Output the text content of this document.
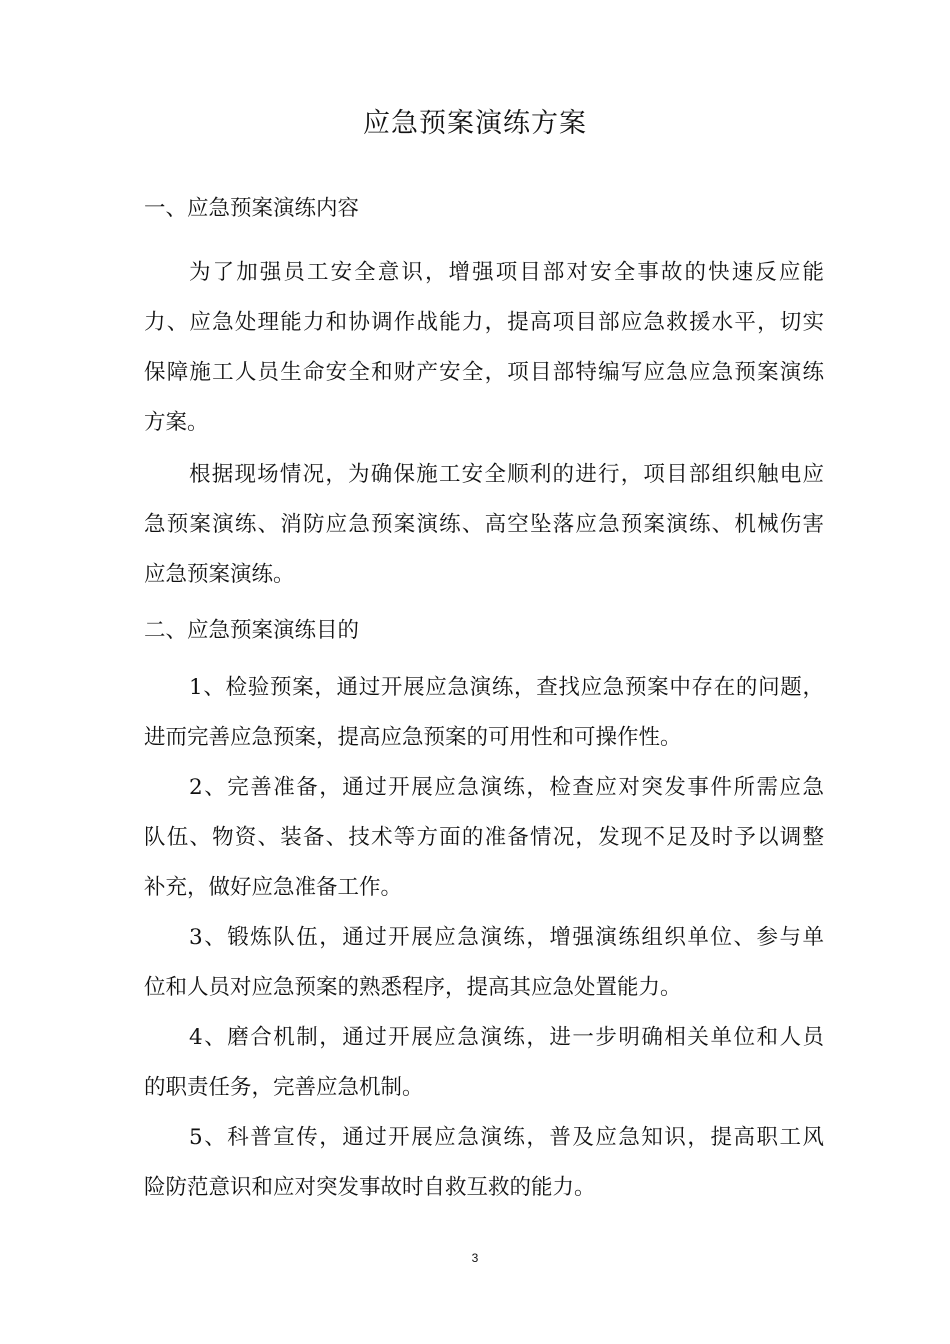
应急预案演练方案
一、应急预案演练内容
为了加强员工安全意识，增强项目部对安全事故的快速反应能
力、应急处理能力和协调作战能力，提高项目部应急救援水平，切实
保障施工人员生命安全和财产安全，项目部特编写应急应急预案演练
方案。
根据现场情况，为确保施工安全顺利的进行，项目部组织触电应
急预案演练、消防应急预案演练、高空坠落应急预案演练、机械伤害
应急预案演练。
二、应急预案演练目的
1、检验预案，通过开展应急演练，查找应急预案中存在的问题，
进而完善应急预案，提高应急预案的可用性和可操作性。
2、完善准备，通过开展应急演练，检查应对突发事件所需应急
队伍、物资、装备、技术等方面的准备情况，发现不足及时予以调整
补充，做好应急准备工作。
3、锻炼队伍，通过开展应急演练，增强演练组织单位、参与单
位和人员对应急预案的熟悉程序，提高其应急处置能力。
4、磨合机制，通过开展应急演练，进一步明确相关单位和人员
的职责任务，完善应急机制。
5、科普宣传，通过开展应急演练，普及应急知识，提高职工风
险防范意识和应对突发事故时自救互救的能力。
3
